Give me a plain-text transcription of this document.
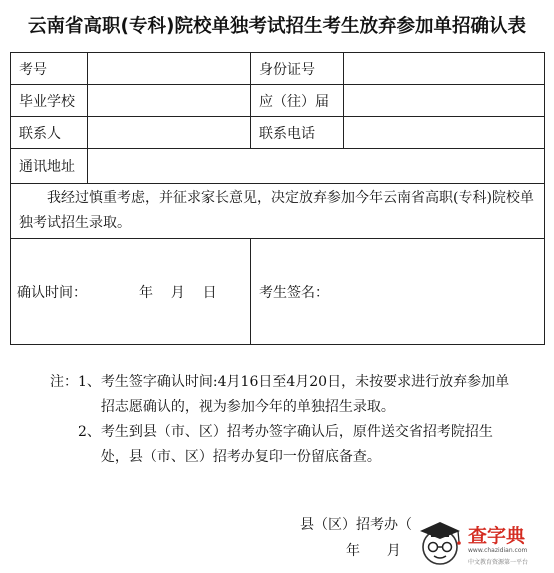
云南省高职(专科)院校单独考试招生考生放弃参加单招确认表
考号		身份证号	
毕业学校		应（往）届	
联系人		联系电话	
通讯地址			
我经过慎重考虑，并征求家长意见，决定放弃参加今年云南省高职(专科)院校单独考试招生录取。			
确认时间： 年    月    日		考生签名：	
注：1、 考生签字确认时间:4月16日至4月20日，未按要求进行放弃参加单招志愿确认的，视为参加今年的单独招生录取。
2、 考生到县（市、区）招考办签字确认后，原件送交省招考院招生处，县（市、区）招考办复印一份留底备查。
县（区）招考办（
年      月
查字典
www.chazidian.com
中文教育资源第一平台
